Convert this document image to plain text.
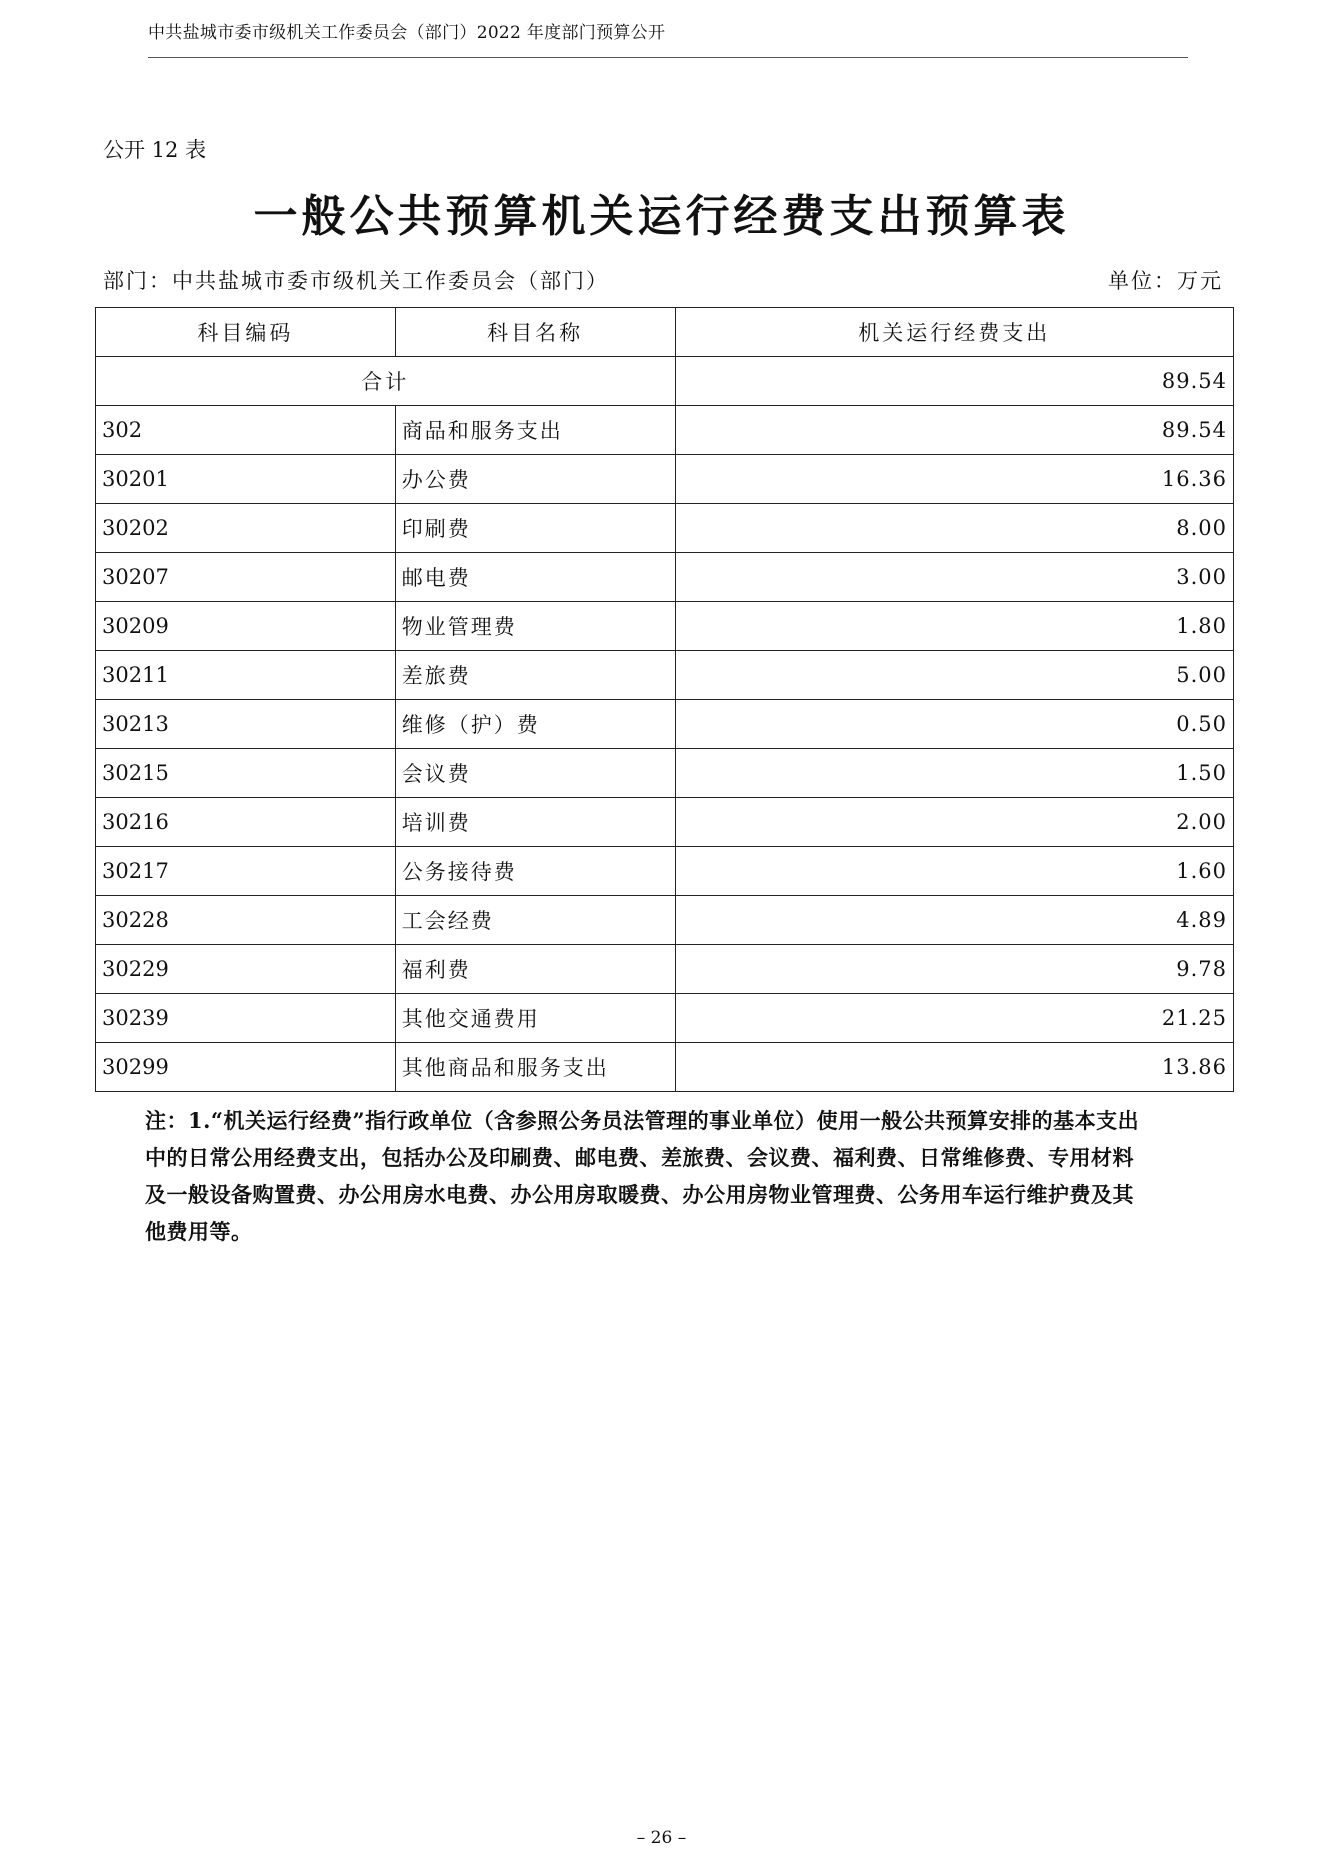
中共盐城市委市级机关工作委员会（部门）2022 年度部门预算公开
公开 12 表
一般公共预算机关运行经费支出预算表
部门：中共盐城市委市级机关工作委员会（部门）	单位：万元
科目编码	科目名称	机关运行经费支出
合计		89.54
302	商品和服务支出	89.54
30201	办公费	16.36
30202	印刷费	8.00
30207	邮电费	3.00
30209	物业管理费	1.80
30211	差旅费	5.00
30213	维修（护）费	0.50
30215	会议费	1.50
30216	培训费	2.00
30217	公务接待费	1.60
30228	工会经费	4.89
30229	福利费	9.78
30239	其他交通费用	21.25
30299	其他商品和服务支出	13.86
注：1.“机关运行经费”指行政单位（含参照公务员法管理的事业单位）使用一般公共预算安排的基本支出中的日常公用经费支出，包括办公及印刷费、邮电费、差旅费、会议费、福利费、日常维修费、专用材料及一般设备购置费、办公用房水电费、办公用房取暖费、办公用房物业管理费、公务用车运行维护费及其他费用等。
– 26 –
